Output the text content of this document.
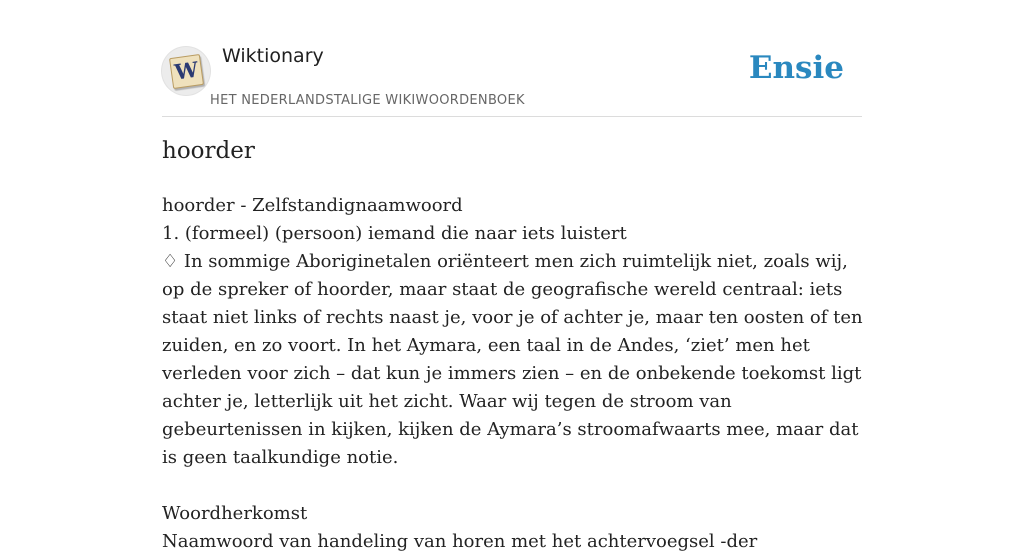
W
Wiktionary
HET NEDERLANDSTALIGE WIKIWOORDENBOEK
Ensie
hoorder

hoorder - Zelfstandignaamwoord

1. (formeel) (persoon) iemand die naar iets luistert

♢ In sommige Aboriginetalen oriënteert men zich ruimtelijk niet, zoals wij, op de spreker of hoorder, maar staat de geografische wereld centraal: iets staat niet links of rechts naast je, voor je of achter je, maar ten oosten of ten zuiden, en zo voort. In het Aymara, een taal in de Andes, ‘ziet’ men het verleden voor zich – dat kun je immers zien – en de onbekende toekomst ligt achter je, letterlijk uit het zicht. Waar wij tegen de stroom van gebeurtenissen in kijken, kijken de Aymara’s stroomafwaarts mee, maar dat is geen taalkundige notie.

Woordherkomst

Naamwoord van handeling van horen met het achtervoegsel -der
